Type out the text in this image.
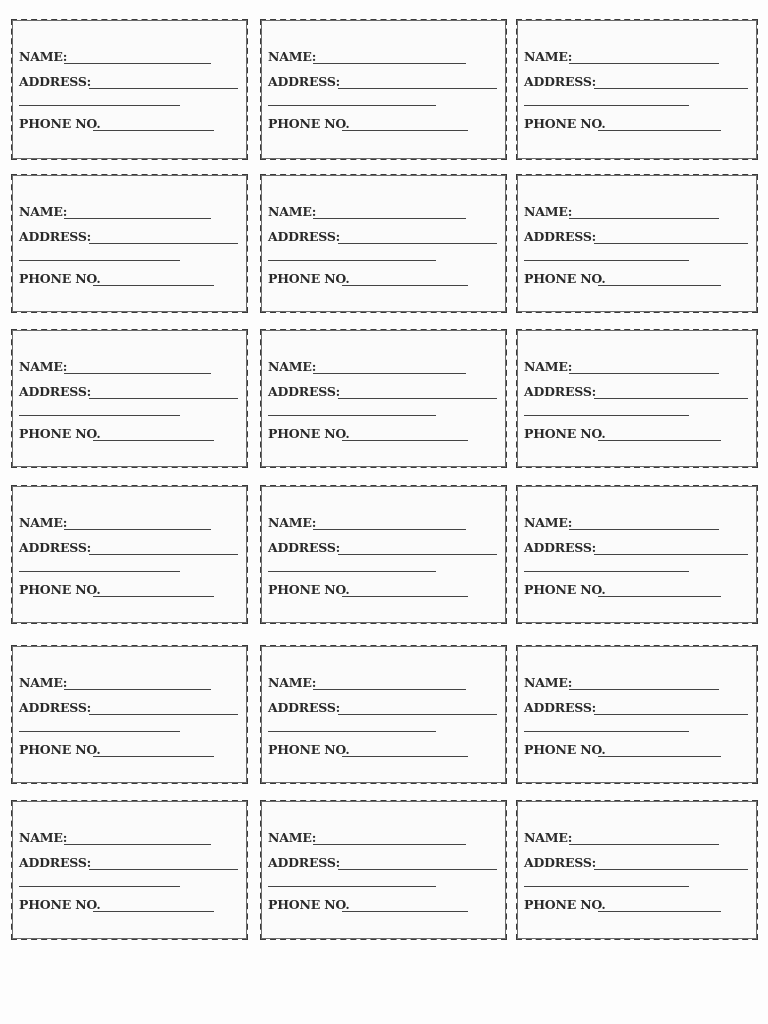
NAME:
ADDRESS:
PHONE NO.
NAME:
ADDRESS:
PHONE NO.
NAME:
ADDRESS:
PHONE NO.
NAME:
ADDRESS:
PHONE NO.
NAME:
ADDRESS:
PHONE NO.
NAME:
ADDRESS:
PHONE NO.
NAME:
ADDRESS:
PHONE NO.
NAME:
ADDRESS:
PHONE NO.
NAME:
ADDRESS:
PHONE NO.
NAME:
ADDRESS:
PHONE NO.
NAME:
ADDRESS:
PHONE NO.
NAME:
ADDRESS:
PHONE NO.
NAME:
ADDRESS:
PHONE NO.
NAME:
ADDRESS:
PHONE NO.
NAME:
ADDRESS:
PHONE NO.
NAME:
ADDRESS:
PHONE NO.
NAME:
ADDRESS:
PHONE NO.
NAME:
ADDRESS:
PHONE NO.
